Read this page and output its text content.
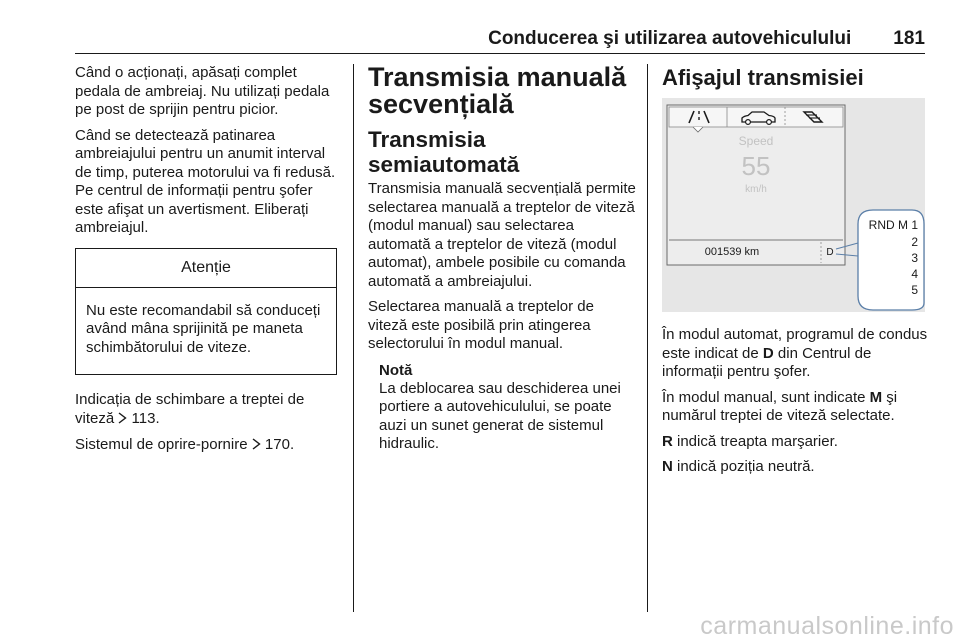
Conducerea şi utilizarea autovehiculului 181

Când o acționați, apăsați complet pedala de ambreiaj. Nu utilizați pedala pe post de sprijin pentru picior.

Când se detectează patinarea ambreiajului pentru un anumit interval de timp, puterea motorului va fi redusă. Pe centrul de informații pentru şofer este afişat un avertisment. Eliberați ambreiajul.

Atenție

Nu este recomandabil să conduceți având mâna sprijinită pe maneta schimbătorului de viteze.

Indicația de schimbare a treptei de viteză 113.

Sistemul de oprire-pornire 170.

Transmisia manuală secvențială
Transmisia semiautomată

Transmisia manuală secvențială permite selectarea manuală a treptelor de viteză (modul manual) sau selectarea automată a treptelor de viteză (modul automat), ambele posibile cu comanda automată a ambreiajului.

Selectarea manuală a treptelor de viteză este posibilă prin atingerea selectorului în modul manual.

Notă

La deblocarea sau deschiderea unei portiere a autovehiculului, se poate auzi un sunet generat de sistemul hidraulic.

Afişajul transmisiei
Speed
55
km/h
001539 km	D
RND M 1
2
3
4
5

În modul automat, programul de condus este indicat de D din Centrul de informații pentru şofer.

În modul manual, sunt indicate M şi numărul treptei de viteză selectate.

R indică treapta marşarier.

N indică poziția neutră.

carmanualsonline.info
